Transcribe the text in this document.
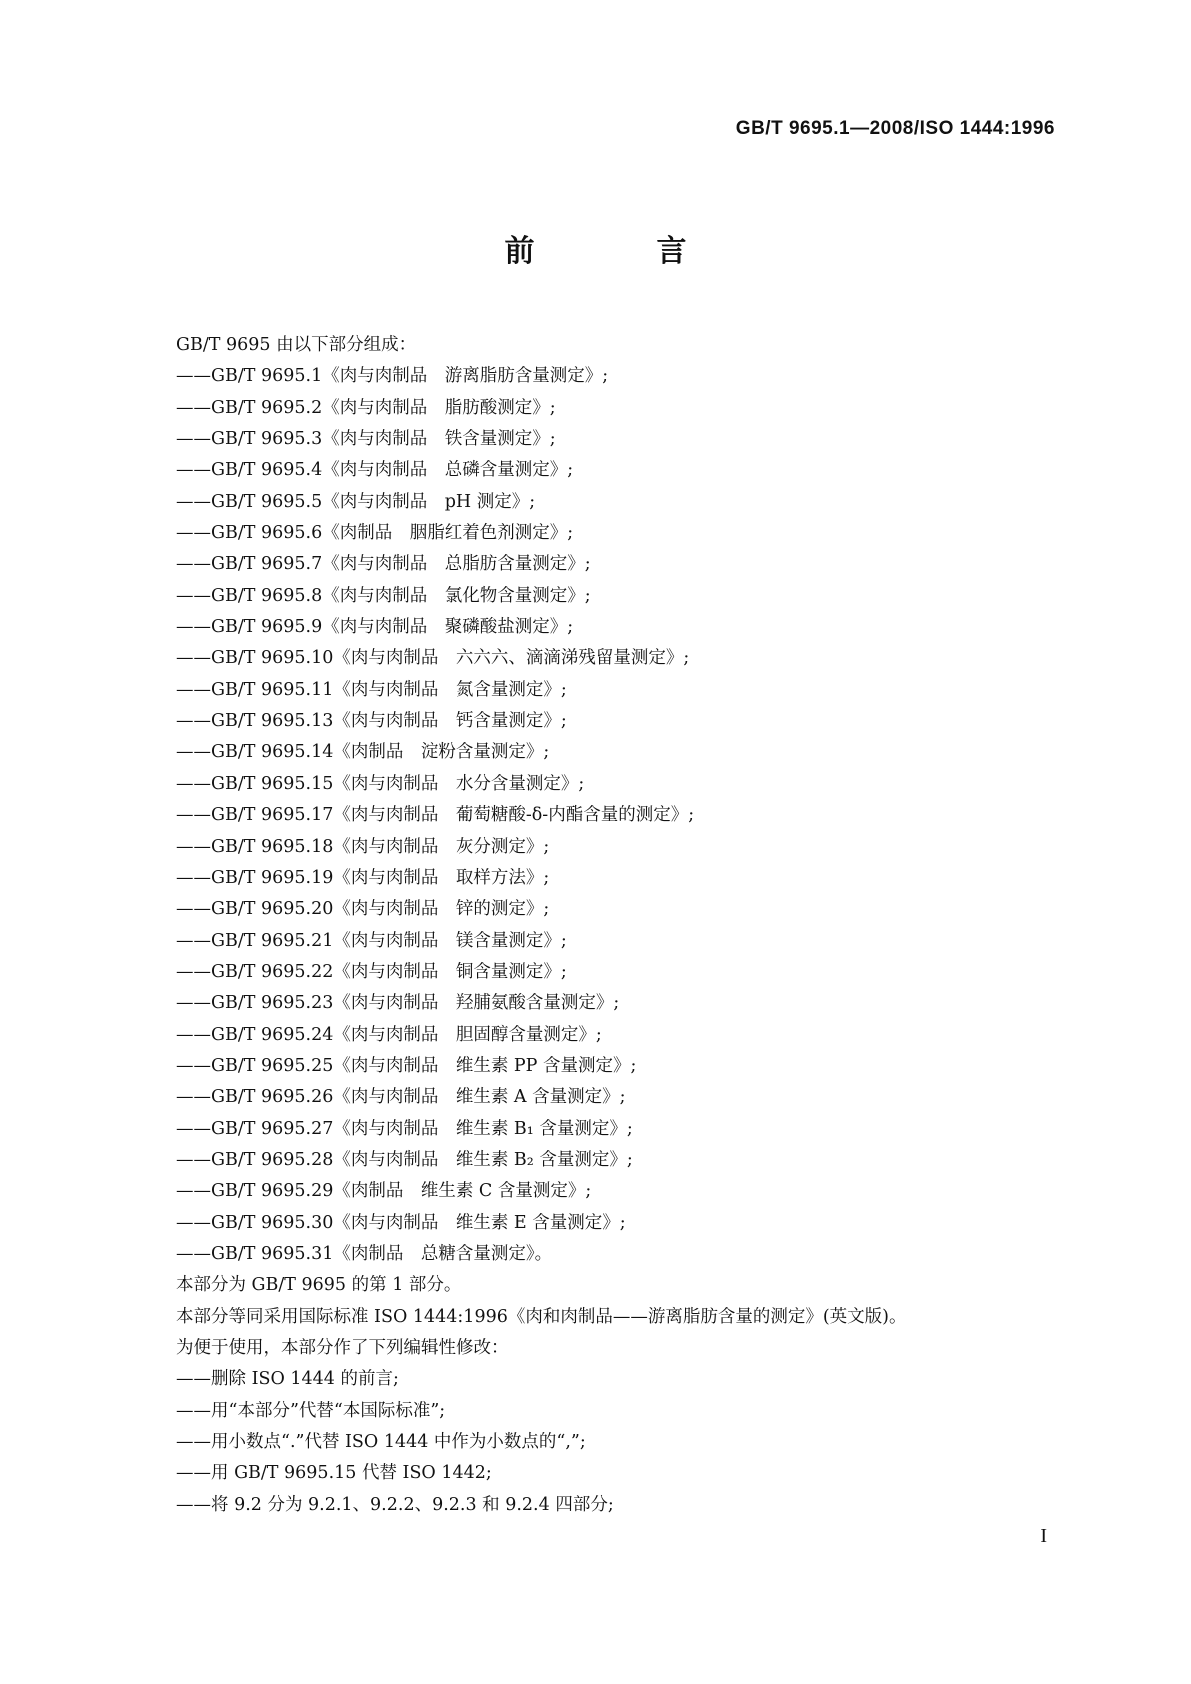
GB/T 9695.1—2008/ISO 1444:1996
前　言
GB/T 9695 由以下部分组成：
——GB/T 9695.1《肉与肉制品　游离脂肪含量测定》;
——GB/T 9695.2《肉与肉制品　脂肪酸测定》;
——GB/T 9695.3《肉与肉制品　铁含量测定》;
——GB/T 9695.4《肉与肉制品　总磷含量测定》;
——GB/T 9695.5《肉与肉制品　pH 测定》;
——GB/T 9695.6《肉制品　胭脂红着色剂测定》;
——GB/T 9695.7《肉与肉制品　总脂肪含量测定》;
——GB/T 9695.8《肉与肉制品　氯化物含量测定》;
——GB/T 9695.9《肉与肉制品　聚磷酸盐测定》;
——GB/T 9695.10《肉与肉制品　六六六、滴滴涕残留量测定》;
——GB/T 9695.11《肉与肉制品　氮含量测定》;
——GB/T 9695.13《肉与肉制品　钙含量测定》;
——GB/T 9695.14《肉制品　淀粉含量测定》;
——GB/T 9695.15《肉与肉制品　水分含量测定》;
——GB/T 9695.17《肉与肉制品　葡萄糖酸-δ-内酯含量的测定》;
——GB/T 9695.18《肉与肉制品　灰分测定》;
——GB/T 9695.19《肉与肉制品　取样方法》;
——GB/T 9695.20《肉与肉制品　锌的测定》;
——GB/T 9695.21《肉与肉制品　镁含量测定》;
——GB/T 9695.22《肉与肉制品　铜含量测定》;
——GB/T 9695.23《肉与肉制品　羟脯氨酸含量测定》;
——GB/T 9695.24《肉与肉制品　胆固醇含量测定》;
——GB/T 9695.25《肉与肉制品　维生素 PP 含量测定》;
——GB/T 9695.26《肉与肉制品　维生素 A 含量测定》;
——GB/T 9695.27《肉与肉制品　维生素 B₁ 含量测定》;
——GB/T 9695.28《肉与肉制品　维生素 B₂ 含量测定》;
——GB/T 9695.29《肉制品　维生素 C 含量测定》;
——GB/T 9695.30《肉与肉制品　维生素 E 含量测定》;
——GB/T 9695.31《肉制品　总糖含量测定》。
本部分为 GB/T 9695 的第 1 部分。
本部分等同采用国际标准 ISO 1444:1996《肉和肉制品——游离脂肪含量的测定》(英文版)。
为便于使用，本部分作了下列编辑性修改：
——删除 ISO 1444 的前言;
——用“本部分”代替“本国际标准”;
——用小数点“.”代替 ISO 1444 中作为小数点的“,”;
——用 GB/T 9695.15 代替 ISO 1442;
——将 9.2 分为 9.2.1、9.2.2、9.2.3 和 9.2.4 四部分;
I
